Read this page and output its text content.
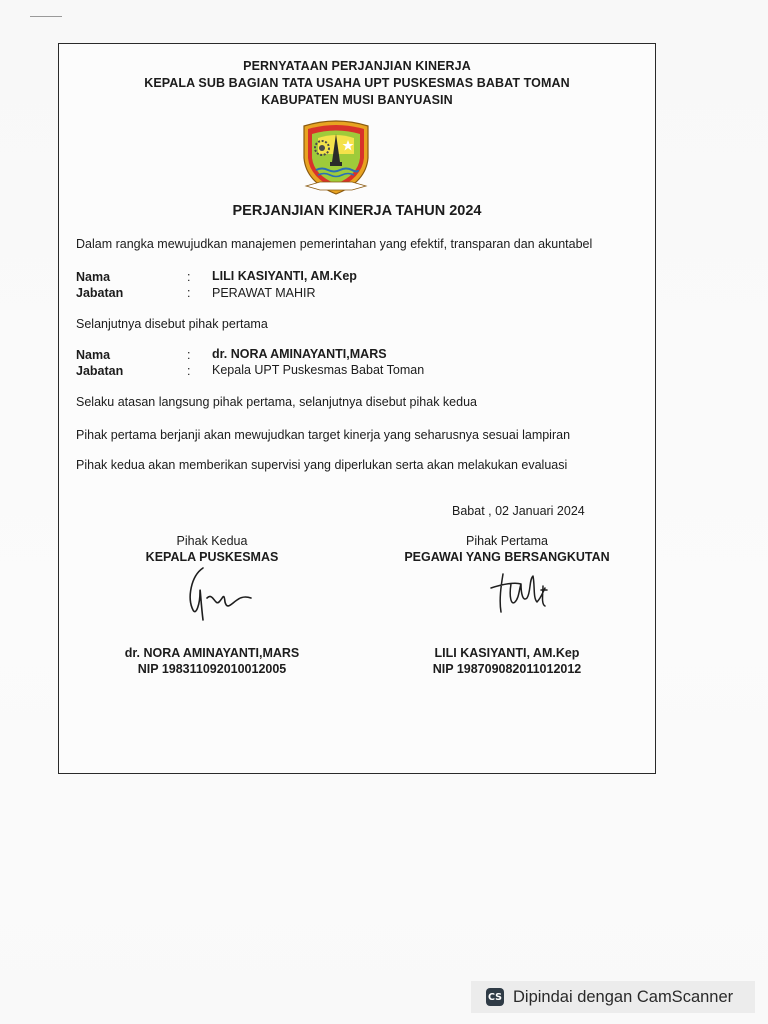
PERNYATAAN PERJANJIAN KINERJA
KEPALA SUB BAGIAN TATA USAHA UPT PUSKESMAS BABAT TOMAN
KABUPATEN MUSI BANYUASIN
PERJANJIAN KINERJA TAHUN 2024
Dalam rangka mewujudkan manajemen pemerintahan yang efektif, transparan dan akuntabel
Nama	: LILI KASIYANTI, AM.Kep
Jabatan	: PERAWAT MAHIR
Selanjutnya disebut pihak pertama
Nama	: dr. NORA AMINAYANTI,MARS
Jabatan	: Kepala UPT Puskesmas Babat Toman
Selaku atasan langsung pihak pertama, selanjutnya disebut pihak kedua
Pihak pertama berjanji akan mewujudkan target kinerja yang seharusnya sesuai lampiran
Pihak kedua akan memberikan supervisi yang diperlukan serta akan melakukan evaluasi
Babat , 02 Januari 2024
Pihak Kedua
KEPALA PUSKESMAS
dr. NORA AMINAYANTI,MARS
NIP 198311092010012005
Pihak Pertama
PEGAWAI YANG BERSANGKUTAN
LILI KASIYANTI, AM.Kep
NIP 198709082011012012
CS Dipindai dengan CamScanner
